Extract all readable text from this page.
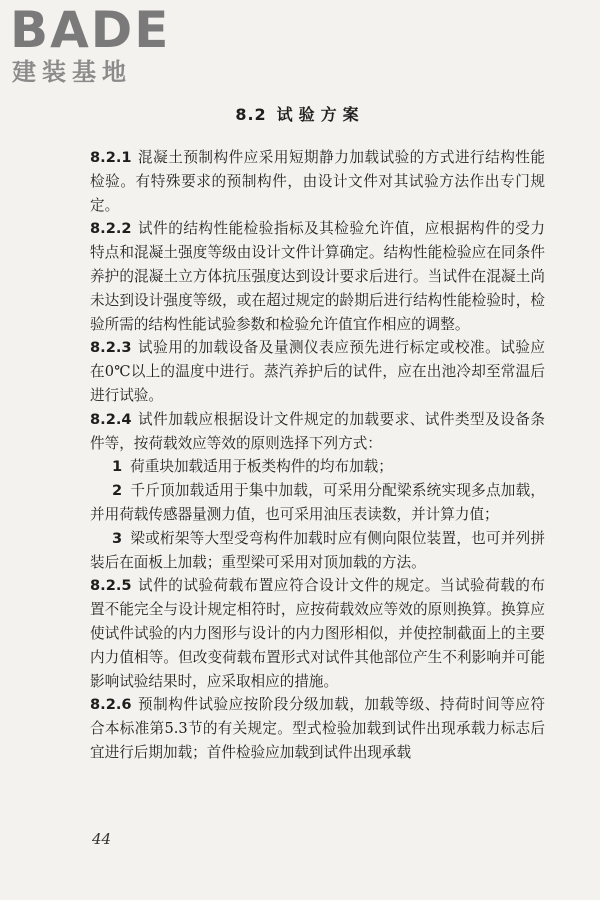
BADE
建装基地
8.2 试验方案

8.2.1 混凝土预制构件应采用短期静力加载试验的方式进行结构性能检验。有特殊要求的预制构件，由设计文件对其试验方法作出专门规定。

8.2.2 试件的结构性能检验指标及其检验允许值，应根据构件的受力特点和混凝土强度等级由设计文件计算确定。结构性能检验应在同条件养护的混凝土立方体抗压强度达到设计要求后进行。当试件在混凝土尚未达到设计强度等级，或在超过规定的龄期后进行结构性能检验时，检验所需的结构性能试验参数和检验允许值宜作相应的调整。

8.2.3 试验用的加载设备及量测仪表应预先进行标定或校准。试验应在0℃以上的温度中进行。蒸汽养护后的试件，应在出池冷却至常温后进行试验。

8.2.4 试件加载应根据设计文件规定的加载要求、试件类型及设备条件等，按荷载效应等效的原则选择下列方式：

1 荷重块加载适用于板类构件的均布加载；

2 千斤顶加载适用于集中加载，可采用分配梁系统实现多点加载，并用荷载传感器量测力值，也可采用油压表读数，并计算力值；

3 梁或桁架等大型受弯构件加载时应有侧向限位装置，也可并列拼装后在面板上加载；重型梁可采用对顶加载的方法。

8.2.5 试件的试验荷载布置应符合设计文件的规定。当试验荷载的布置不能完全与设计规定相符时，应按荷载效应等效的原则换算。换算应使试件试验的内力图形与设计的内力图形相似，并使控制截面上的主要内力值相等。但改变荷载布置形式对试件其他部位产生不利影响并可能影响试验结果时，应采取相应的措施。

8.2.6 预制构件试验应按阶段分级加载，加载等级、持荷时间等应符合本标准第5.3节的有关规定。型式检验加载到试件出现承载力标志后宜进行后期加载；首件检验应加载到试件出现承载

44
